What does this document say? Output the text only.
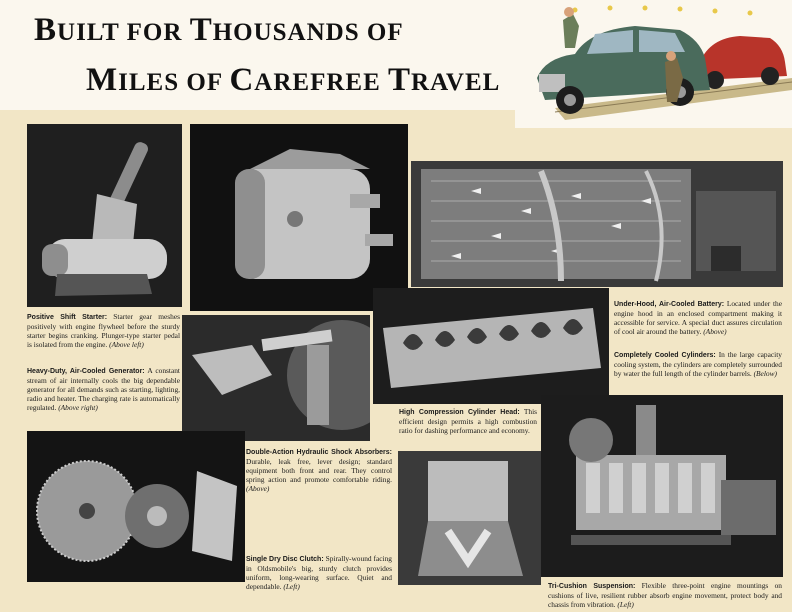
BUILT FOR THOUSANDS OF
MILES OF CAREFREE TRAVEL
Positive Shift Starter: Starter gear meshes positively with engine flywheel before the sturdy starter begins cranking. Plunger-type starter pedal is isolated from the engine. (Above left)
Heavy-Duty, Air-Cooled Generator: A constant stream of air internally cools the big dependable generator for all demands such as starting, lighting, radio and heater. The charging rate is automatically regulated. (Above right)
Under-Hood, Air-Cooled Battery: Located under the engine hood in an enclosed compartment making it accessible for service. A special duct assures circulation of cool air around the battery. (Above)
Completely Cooled Cylinders: In the large capacity cooling system, the cylinders are completely surrounded by water the full length of the cylinder barrels. (Below)
High Compression Cylinder Head: This efficient design permits a high combustion ratio for dashing performance and economy.
Double-Action Hydraulic Shock Absorbers: Durable, leak free, lever design; standard equipment both front and rear. They control spring action and promote comfortable riding. (Above)
Single Dry Disc Clutch: Spirally-wound facing in Oldsmobile's big, sturdy clutch provides uniform, long-wearing surface. Quiet and dependable. (Left)	Tri-Cushion Suspension: Flexible three-point engine mountings on cushions of live, resilient rubber absorb engine movement, protect body and chassis from vibration. (Left)
